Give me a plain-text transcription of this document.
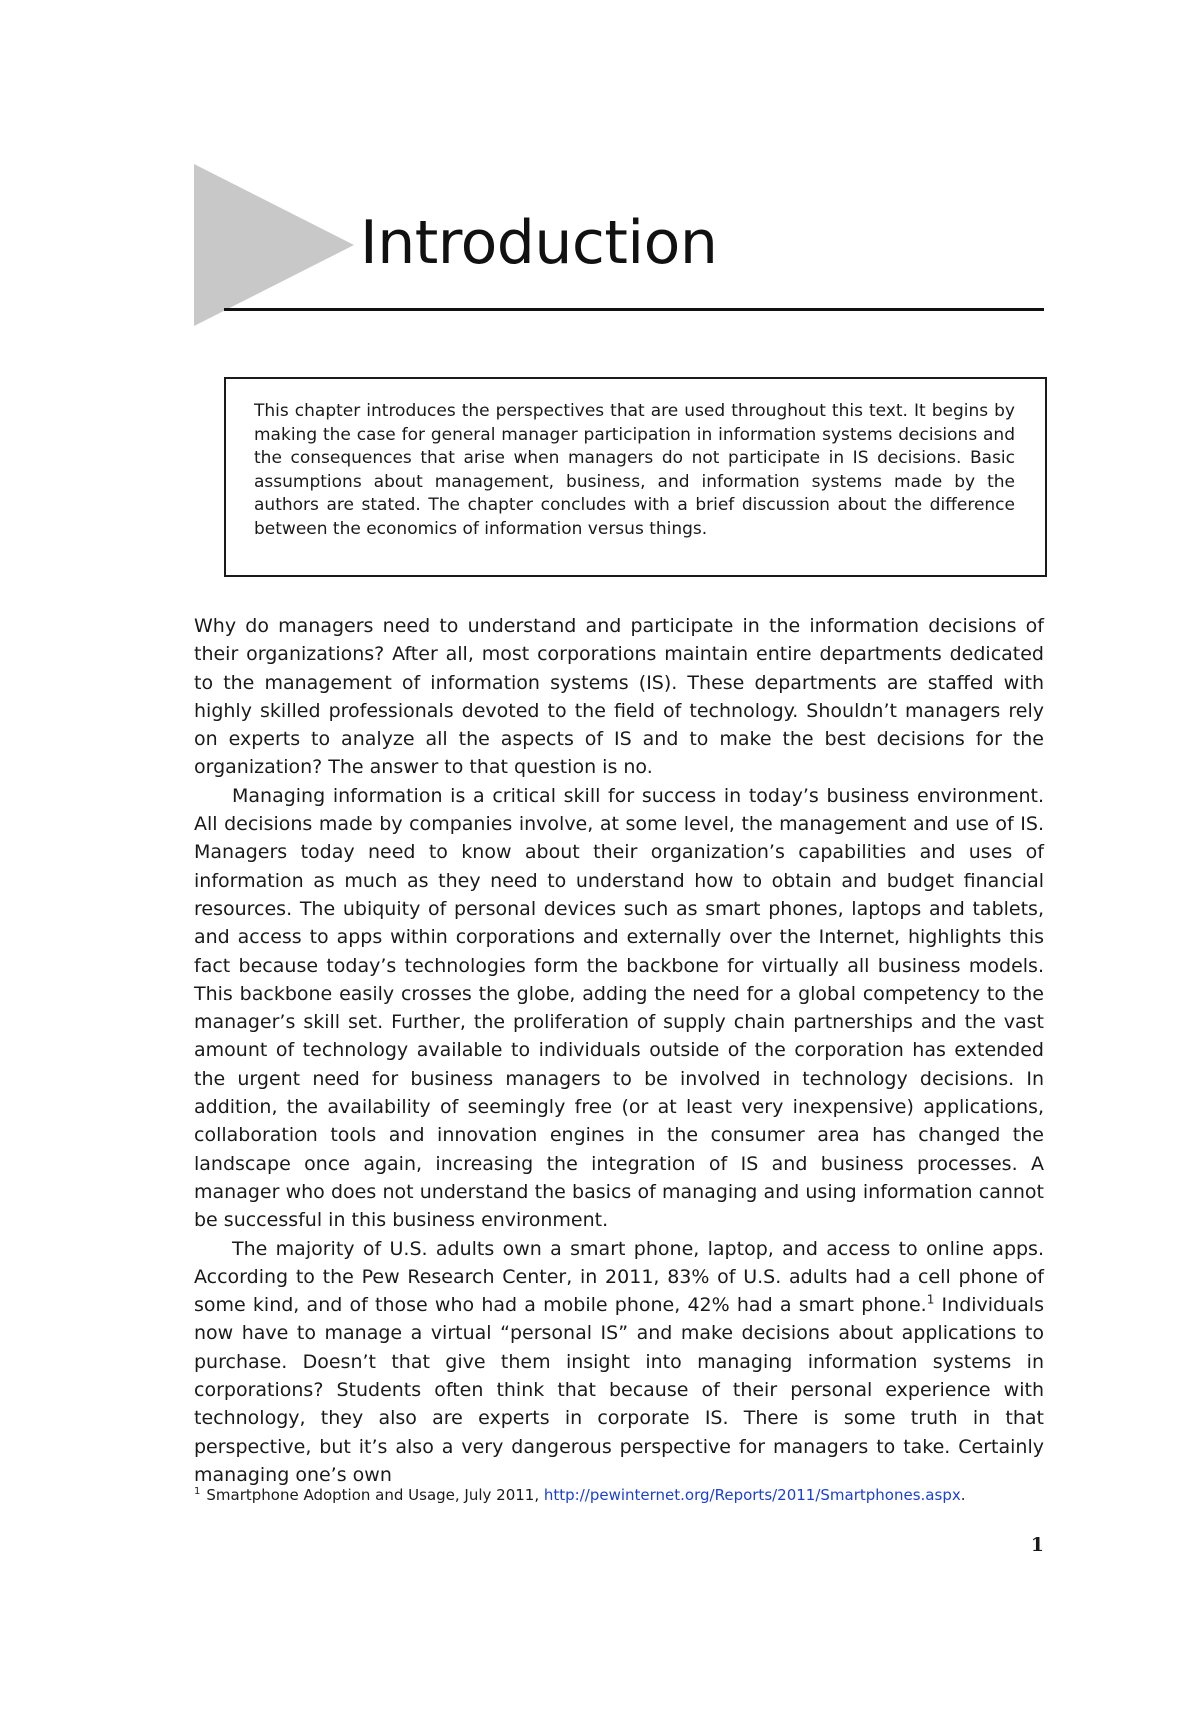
Introduction

This chapter introduces the perspectives that are used throughout this text. It begins by making the case for general manager participation in information systems decisions and the consequences that arise when managers do not participate in IS decisions. Basic assumptions about management, business, and information systems made by the authors are stated. The chapter concludes with a brief discussion about the difference between the economics of information versus things.

Why do managers need to understand and participate in the information decisions of their organizations? After all, most corporations maintain entire departments dedicated to the management of information systems (IS). These departments are staffed with highly skilled professionals devoted to the field of technology. Shouldn’t managers rely on experts to analyze all the aspects of IS and to make the best decisions for the organization? The answer to that question is no.

Managing information is a critical skill for success in today’s business environment. All decisions made by companies involve, at some level, the management and use of IS. Managers today need to know about their organization’s capabilities and uses of information as much as they need to understand how to obtain and budget financial resources. The ubiquity of personal devices such as smart phones, laptops and tablets, and access to apps within corporations and externally over the Internet, highlights this fact because today’s technologies form the backbone for virtually all business models. This backbone easily crosses the globe, adding the need for a global competency to the manager’s skill set. Further, the proliferation of supply chain partnerships and the vast amount of technology available to individuals outside of the corporation has extended the urgent need for business managers to be involved in technology decisions. In addition, the availability of seemingly free (or at least very inexpensive) applications, collaboration tools and innovation engines in the consumer area has changed the landscape once again, increasing the integration of IS and business processes. A manager who does not understand the basics of managing and using information cannot be successful in this business environment.

The majority of U.S. adults own a smart phone, laptop, and access to online apps. According to the Pew Research Center, in 2011, 83% of U.S. adults had a cell phone of some kind, and of those who had a mobile phone, 42% had a smart phone.$^1$ Individuals now have to manage a virtual “personal IS” and make decisions about applications to purchase. Doesn’t that give them insight into managing information systems in corporations? Students often think that because of their personal experience with technology, they also are experts in corporate IS. There is some truth in that perspective, but it’s also a very dangerous perspective for managers to take. Certainly managing one’s own

$^1$ Smartphone Adoption and Usage, July 2011, http://pewinternet.org/Reports/2011/Smartphones.aspx.
1
